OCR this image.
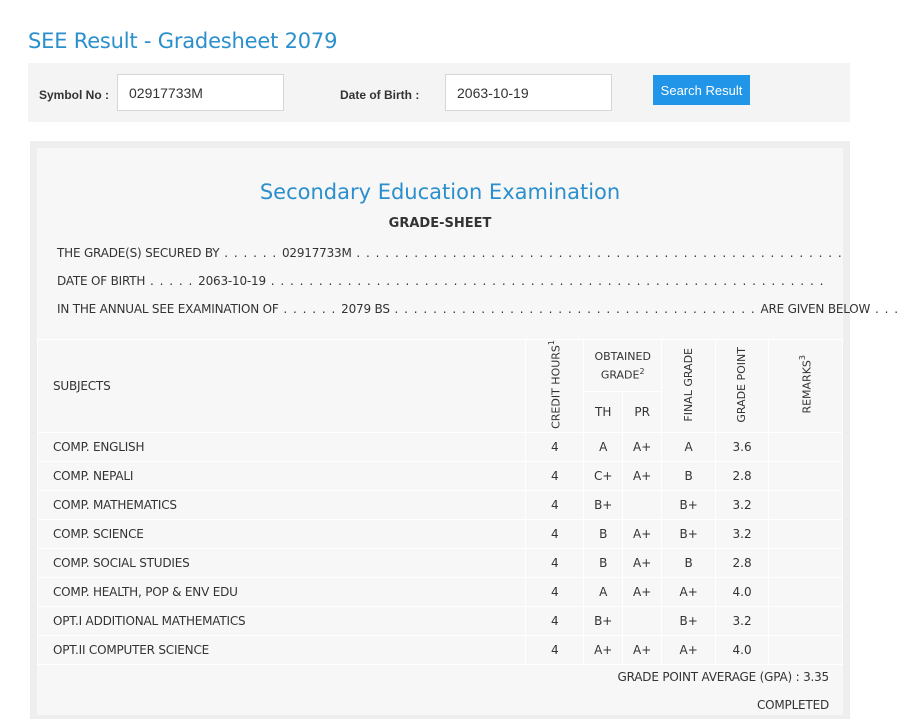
SEE Result - Gradesheet 2079
Symbol No :
02917733M	Date of Birth :
2063-10-19	Search Result
Secondary Education Examination
GRADE-SHEET
THE GRADE(S) SECURED BY . . . . . . 02917733M . . . . . . . . . . . . . . . . . . . . . . . . . . . . . . . . . . . . . . . . . . . . . . . . . . .
DATE OF BIRTH . . . . . 2063-10-19 . . . . . . . . . . . . . . . . . . . . . . . . . . . . . . . . . . . . . . . . . . . . . . . . . . . . . . . . . .
IN THE ANNUAL SEE EXAMINATION OF . . . . . . 2079 BS . . . . . . . . . . . . . . . . . . . . . . . . . . . . . . . . . . . . . . ARE GIVEN BELOW . . .
SUBJECTS	CREDIT HOURS$^1$	OBTAINED
GRADE$^2$		FINAL GRADE	GRADE POINT	REMARKS$^3$
		TH	PR			
COMP. ENGLISH	4	A	A+	A	3.6	
COMP. NEPALI	4	C+	A+	B	2.8	
COMP. MATHEMATICS	4	B+		B+	3.2	
COMP. SCIENCE	4	B	A+	B+	3.2	
COMP. SOCIAL STUDIES	4	B	A+	B	2.8	
COMP. HEALTH, POP & ENV EDU	4	A	A+	A+	4.0	
OPT.I ADDITIONAL MATHEMATICS	4	B+		B+	3.2	
OPT.II COMPUTER SCIENCE	4	A+	A+	A+	4.0	
GRADE POINT AVERAGE (GPA) : 3.35
COMPLETED
